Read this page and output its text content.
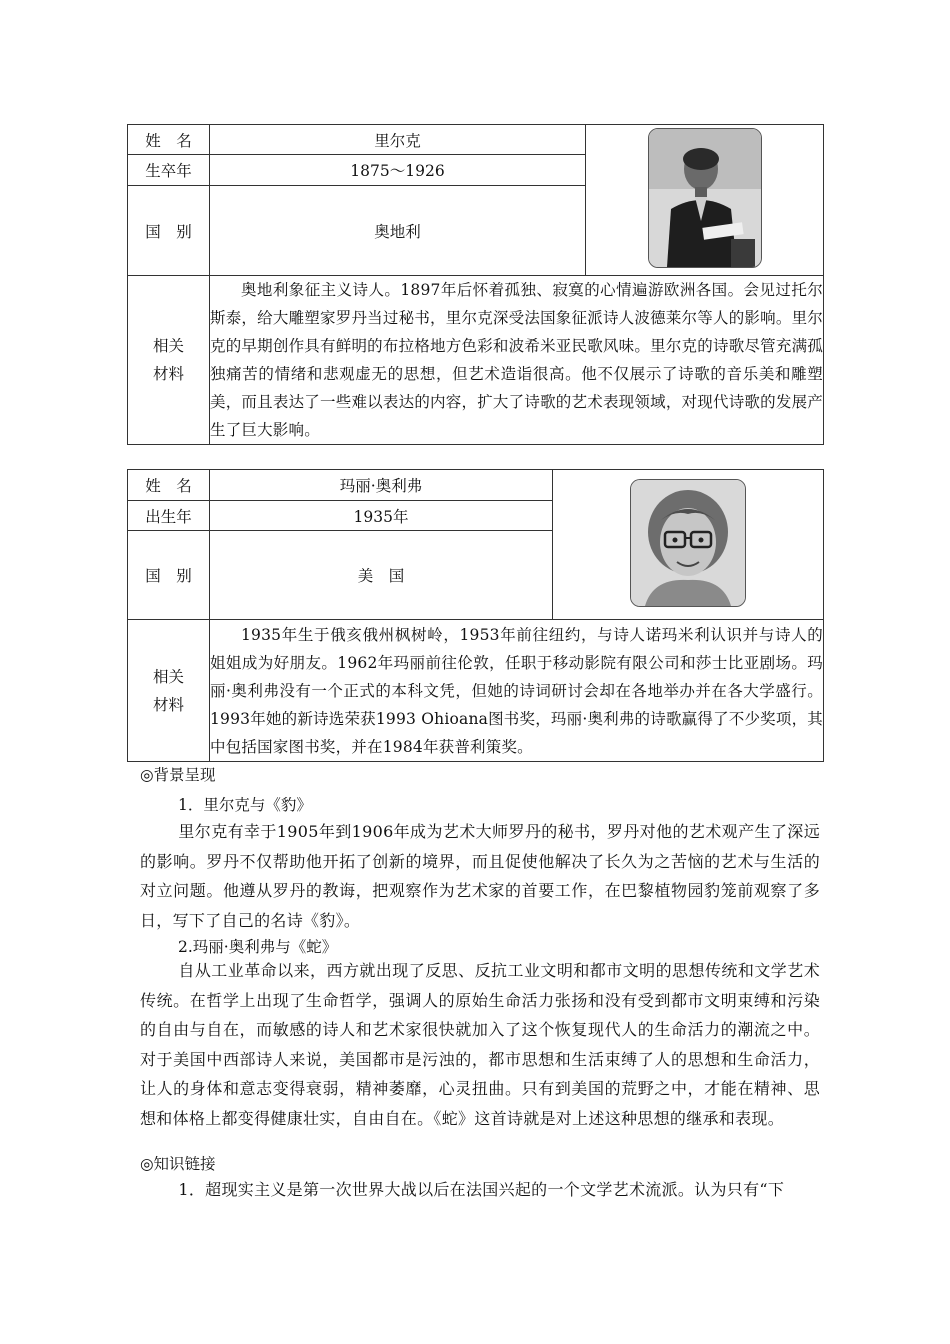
姓　名	里尔克	
生卒年	1875～1926	
国　别	奥地利	
相关
材料	奥地利象征主义诗人。1897年后怀着孤独、寂寞的心情遍游欧洲各国。会见过托尔斯泰，给大雕塑家罗丹当过秘书，里尔克深受法国象征派诗人波德莱尔等人的影响。里尔克的早期创作具有鲜明的布拉格地方色彩和波希米亚民歌风味。里尔克的诗歌尽管充满孤独痛苦的情绪和悲观虚无的思想，但艺术造诣很高。他不仅展示了诗歌的音乐美和雕塑美，而且表达了一些难以表达的内容，扩大了诗歌的艺术表现领域，对现代诗歌的发展产生了巨大影响。	
姓　名	玛丽·奥利弗	
出生年	1935年	
国　别	美　国	
相关
材料	1935年生于俄亥俄州枫树岭，1953年前往纽约，与诗人诺玛米利认识并与诗人的姐姐成为好朋友。1962年玛丽前往伦敦，任职于移动影院有限公司和莎士比亚剧场。玛丽·奥利弗没有一个正式的本科文凭，但她的诗词研讨会却在各地举办并在各大学盛行。1993年她的新诗选荣获1993 Ohioana图书奖，玛丽·奥利弗的诗歌赢得了不少奖项，其中包括国家图书奖，并在1984年获普利策奖。	

◎背景呈现

1．里尔克与《豹》

里尔克有幸于1905年到1906年成为艺术大师罗丹的秘书，罗丹对他的艺术观产生了深远的影响。罗丹不仅帮助他开拓了创新的境界，而且促使他解决了长久为之苦恼的艺术与生活的对立问题。他遵从罗丹的教诲，把观察作为艺术家的首要工作，在巴黎植物园豹笼前观察了多日，写下了自己的名诗《豹》。

2.玛丽·奥利弗与《蛇》

自从工业革命以来，西方就出现了反思、反抗工业文明和都市文明的思想传统和文学艺术传统。在哲学上出现了生命哲学，强调人的原始生命活力张扬和没有受到都市文明束缚和污染的自由与自在，而敏感的诗人和艺术家很快就加入了这个恢复现代人的生命活力的潮流之中。对于美国中西部诗人来说，美国都市是污浊的，都市思想和生活束缚了人的思想和生命活力，让人的身体和意志变得衰弱，精神萎靡，心灵扭曲。只有到美国的荒野之中，才能在精神、思想和体格上都变得健康壮实，自由自在。《蛇》这首诗就是对上述这种思想的继承和表现。

◎知识链接

1．超现实主义是第一次世界大战以后在法国兴起的一个文学艺术流派。认为只有“下
